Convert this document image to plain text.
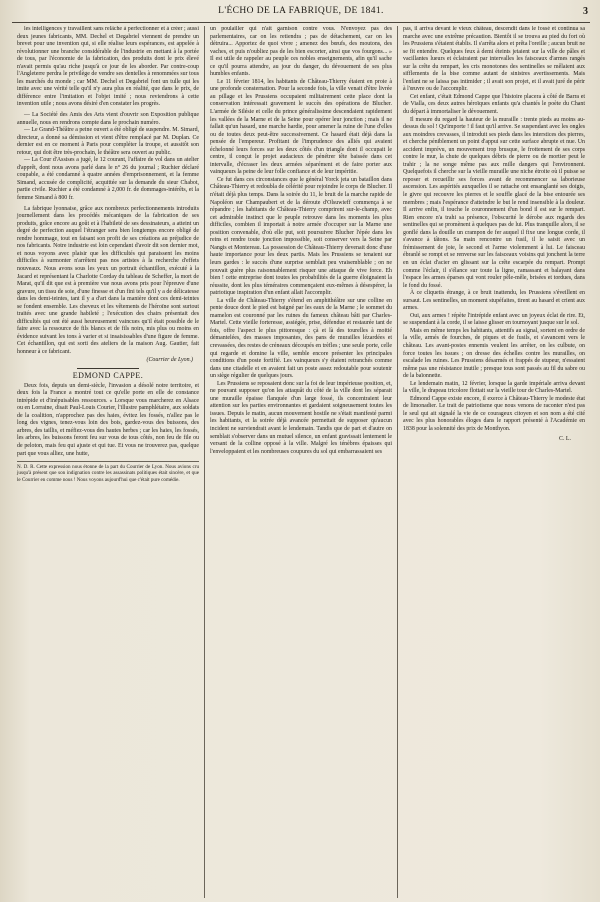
L'ÉCHO DE LA FABRIQUE, DE 1841.	3

les intelligences y travaillent sans relâche à perfectionner et à créer ; aussi deux jeunes fabricants, MM. Dechel et Degabriel viennent de prendre un brevet pour une invention qui, si elle réalise leurs espérances, est appelée à révolutionner une branche considérable de l'industrie en mettant à la portée de tous, par l'économie de la fabrication, des produits dont le prix élevé n'avait permis qu'au riche jusqu'à ce jour de les aborder. Par contre-coup l'Angleterre perdra le privilège de vendre ses dentelles à renommées sur tous les marchés du monde ; car MM. Dechel et Degabriel font un tulle qui les imite avec une vérité telle qu'il n'y aura plus en réalité, que dans le prix, de différence entre l'imitation et l'objet imité ; nous reviendrons à cette invention utile ; nous avons désiré d'en constater les progrès.

— La Société des Amis des Arts vient d'ouvrir son Exposition publique annuelle, nous en rendrons compte dans le prochain numéro.

— Le Grand-Théâtre a peine ouvert a été obligé de suspendre. M. Simard, directeur, a donné sa démission et vient d'être remplacé par M. Duplan. Ce dernier est en ce moment à Paris pour compléter la troupe, et aussitôt son retour, qui doit être très-prochain, le théâtre sera ouvert au public.

— La Cour d'Assises a jugé, le 12 courant, l'affaire de vol dans un atelier d'apprêt, dont nous avons parlé dans le n° 26 du journal ; Ruchier déclaré coupable, a été condamné à quatre années d'emprisonnement, et la femme Simand, accusée de complicité, acquittée sur la demande du sieur Chabot, partie civile. Ruchier a été condamné à 2,000 fr. de dommages-intérêts, et la femme Simand à 800 fr.

La fabrique lyonnaise, grâce aux nombreux perfectionnements introduits journellement dans les procédés mécaniques de la fabrication de ses produits, grâce encore au goût et à l'habileté de ses dessinateurs, a atteint un degré de perfection auquel l'étranger sera bien longtemps encore obligé de rendre hommage, tout en faisant son profit de ses créations au préjudice de nos fabricants. Notre industrie est loin cependant d'avoir dit son dernier mot, et nous voyons avec plaisir que les difficultés qui paraissent les moins difficiles à surmonter n'arrêtent pas nos artistes à la recherche d'effets nouveaux. Nous avons sous les yeux un portrait échantillon, exécuté à la Jacard et représentant la Charlotte Corday du tableau de Scheffer, la mort de Marat, qu'il dit que est à première vue nous avons pris pour l'épreuve d'une gravure, un tissu de soie, d'une finesse et d'un fini tels qu'il y a de délicatesse dans les demi-teintes, tant il y a d'art dans la manière dont ces demi-teintes se fondent ensemble. Les cheveux et les vêtements de l'héroïne sont surtout traités avec une grande habileté ; l'exécution des chairs présentait des difficultés qui ont été aussi heureusement vaincues qu'il était possible de le faire avec la ressource de fils blancs et de fils noirs, mis plus ou moins en évidence suivant les tons à varier et si insaisissables d'une figure de femme. Cet échantillon, qui est sorti des ateliers de la maison Aug. Gautier, fait honneur à ce fabricant.

(Courrier de Lyon.)
EDMOND CAPPE.

Deux fois, depuis un demi-siècle, l'invasion a désolé notre territoire, et deux fois la France a montré tout ce qu'elle porte en elle de constance intrépide et d'inépuisables ressources. « Lorsque vous marcherez en Alsace ou en Lorraine, disait Paul-Louis Courier, l'illustre pamphlétaire, aux soldats de la coalition, n'approchez pas des haies, évitez les fossés, n'allez pas le long des vignes, tenez-vous loin des bois, gardez-vous des buissons, des arbres, des taillis, et méfiez-vous des hautes herbes ; car les haies, les fossés, les arbres, les buissons feront feu sur vous de tous côtés, non feu de file ou de peloton, mais feu qui ajuste et qui tue. Et vous ne trouverez pas, quelque part que vous alliez, une hutte,

N. D. R. Cette expression nous étonne de la part du Courrier de Lyon. Nous avions cru jusqu'à présent que son indignation contre les assassinats politiques était sincère, et que le Courrier en comme nous ! Nous voyons aujourd'hui que c'était pure comédie.

un poulailler qui n'ait garnison contre vous. N'envoyez pas des parlementaires, car on les retiendra ; pas de détachement, car on les détruira... Apportez de quoi vivre ; amenez des bœufs, des moutons, des vaches, et puis n'oubliez pas de les bien escorter, ainsi que vos fourgons... » Il est utile de rappeler au peuple ces nobles enseignements, afin qu'il sache ce qu'il pourra attendre, au jour du danger, du dévouement de ses plus humbles enfants.

Le 11 février 1814, les habitants de Château-Thierry étaient en proie à une profonde consternation. Pour la seconde fois, la ville venait d'être livrée au pillage et les Prussiens occupaient militairement cette place dont la conservation intéressait gravement le succès des opérations de Blucher. L'armée de Silésie et celle du prince généralissime descendaient rapidement les vallées de la Marne et de la Seine pour opérer leur jonction ; mais il ne fallait qu'un hasard, une marche hardie, pour amener la ruine de l'une d'elles ou de toutes deux peut-être successivement. Ce hasard était déjà dans la pensée de l'empereur. Profitant de l'imprudence des alliés qui avaient échelonné leurs forces sur les deux côtés d'un triangle dont il occupait le centre, il conçut le projet audacieux de pénétrer tête baissée dans cet intervalle, d'écraser les deux armées séparément et de faire porter aux vainqueurs la peine de leur folle confiance et de leur impéritie.

Ce fut dans ces circonstances que le général Yorck jeta un bataillon dans Château-Thierry et redoubla de célérité pour rejoindre le corps de Blucher. Il n'était déjà plus temps. Dans la soirée du 11, le bruit de la marche rapide de Napoléon sur Champaubert et de la déroute d'Olsuwieff commença à se répandre ; les habitants de Château-Thierry comprirent sur-le-champ, avec cet admirable instinct que le peuple retrouve dans les moments les plus difficiles, combien il importait à notre armée d'occuper sur la Marne une position convenable, d'où elle put, soit poursuivre Blucher l'épée dans les reins et rendre toute jonction impossible, soit conserver vers la Seine par Nangis et Montereau. La possession de Château-Thierry devenait donc d'une haute importance pour les deux partis. Mais les Prussiens se tenaient sur leurs gardes : le succès d'une surprise semblait peu vraisemblable ; on ne pouvait guère plus raisonnablement risquer une attaque de vive force. Eh bien ! cette entreprise dont toutes les probabilités de la guerre éloignaient la réussite, dont les plus téméraires commençaient eux-mêmes à désespérer, la patriotique inspiration d'un enfant allait l'accomplir.

La ville de Château-Thierry s'étend en amphithéâtre sur une colline en pente douce dont le pied est baigné par les eaux de la Marne ; le sommet du mamelon est couronné par les ruines du fameux château bâti par Charles-Martel. Cette vieille forteresse, assiégée, prise, défendue et restaurée tant de fois, offre l'aspect le plus pittoresque : çà et là des tourelles à moitié démantelées, des masses imposantes, des pans de murailles lézardées et crevassées, des restes de créneaux découpés en trèfles ; une seule porte, celle qui regarde et domine la ville, semble encore présenter les principales conditions d'un poste fortifié. Les vainqueurs s'y étaient retranchés comme dans une citadelle et en avaient fait un poste assez redoutable pour soutenir un siège régulier de quelques jours.

Les Prussiens se reposaient donc sur la foi de leur impérieuse position, et, ne pouvant supposer qu'on les attaquât du côté de la ville dont les séparait une muraille épaisse flanquée d'un large fossé, ils concentraient leur attention sur les parties environnantes et gardaient soigneusement toutes les issues. Depuis le matin, aucun mouvement hostile ne s'était manifesté parmi les habitants, et la soirée déjà avancée permettait de supposer qu'aucun incident ne surviendrait avant le lendemain. Tandis que de part et d'autre on semblait s'observer dans un mutuel silence, un enfant gravissait lentement le versant de la colline opposé à la ville. Malgré les ténèbres épaisses qui l'enveloppaient et les nombreuses coupures du sol qui embarrassaient ses

pas, il arriva devant le vieux château, descendit dans le fossé et continua sa marche avec une extrême précaution. Bientôt il se trouva au pied du fort où les Prussiens s'étaient établis. Il s'arrêta alors et prêta l'oreille ; aucun bruit ne se fit entendre. Quelques feux à demi éteints jetaient sur la ville de pâles et vacillantes lueurs et éclairaient par intervalles les faisceaux d'armes rangés sur la crête du rempart, les cris monotones des sentinelles se mêlaient aux sifflements de la bise comme autant de sinistres avertissements. Mais l'enfant ne se laissa pas intimider ; il avait son projet, et il avait juré de périr à l'œuvre ou de l'accomplir.

Cet enfant, c'était Edmond Cappe que l'histoire placera à côté de Barra et de Vialla, ces deux autres héroïques enfants qu'a chantés le poète du Chant du départ à immortaliser le dévouement.

Il mesure du regard la hauteur de la muraille : trente pieds au moins au-dessus du sol ! Qu'importe ! il faut qu'il arrive. Se suspendant avec les ongles aux moindres crevasses, il introduit ses pieds dans les interstices des pierres, et cherche péniblement un point d'appui sur cette surface abrupte et nue. Un accident imprévu, un mouvement trop brusque, le frottement de ses corps contre le mur, la chute de quelques débris de pierre ou de mortier peut le trahir ; la ne songe même pas aux mille dangers qui l'environnent. Quelquefois il cherche sur la vieille muraille une niche étroite où il puisse se reposer et recueillir ses forces avant de recommencer sa laborieuse ascension. Les aspérités auxquelles il se rattache ont ensanglanté ses doigts, le givre qui recouvre les pierres et le souffle glacé de la bise entourée ses membres ; mais l'espérance d'atteindre le but le rend insensible à la douleur. Il arrive enfin, il touche le couronnement d'un bond il est sur le rempart. Rien encore n'a trahi sa présence, l'obscurité le dérobe aux regards des sentinelles qui se promènent à quelques pas de lui. Plus tranquille alors, il se gonflé dans la douille un crampon de fer auquel il fixe une longue corde, il s'avance à tâtons. Sa main rencontre un fusil, il le saisit avec un frémissement de joie, le second et l'arme violemment à lui. Le faisceau ébranlé se rompt et se renverse sur les faisceaux voisins qui jonchent la terre en un éclat d'acier en glissant sur la crête escarpée du rempart. Prompt comme l'éclair, il s'élance sur toute la ligne, ramassant et balayant dans l'espace les armes éparses qui vont rouler pêle-mêle, brisées et tordues, dans le fond du fossé.

À ce cliquetis étrange, à ce bruit inattendu, les Prussiens s'éveillent en sursaut. Les sentinelles, un moment stupéfaites, tirent au hasard et crient aux armes.

Oui, aux armes ! répète l'intrépide enfant avec un joyeux éclat de rire. Et, se suspendant à la corde, il se laisse glisser en tournoyant jusque sur le sol.

Mais en même temps les habitants, attentifs au signal, sortent en ordre de la ville, armés de fourches, de piques et de fusils, et s'avancent vers le château. Les avant-postes ennemis veulent les arrêter, on les culbute, on force toutes les issues ; on dresse des échelles contre les murailles, on escalade les ruines. Les Prussiens désarmés et frappés de stupeur, n'essaient même pas une résistance inutile ; presque tous sont passés au fil du sabre ou de la baïonnette.

Le lendemain matin, 12 février, lorsque la garde impériale arriva devant la ville, le drapeau tricolore flottait sur la vieille tour de Charles-Martel.

Edmond Cappe existe encore, il exerce à Château-Thierry le modeste état de limonadier. Le trait de patriotisme que nous venons de raconter n'est pas le seul qui ait signalé la vie de ce courageux citoyen et son nom a été cité avec les plus honorables éloges dans le rapport présenté à l'Académie en 1838 pour la solennité des prix de Monthyon.

C. L.
